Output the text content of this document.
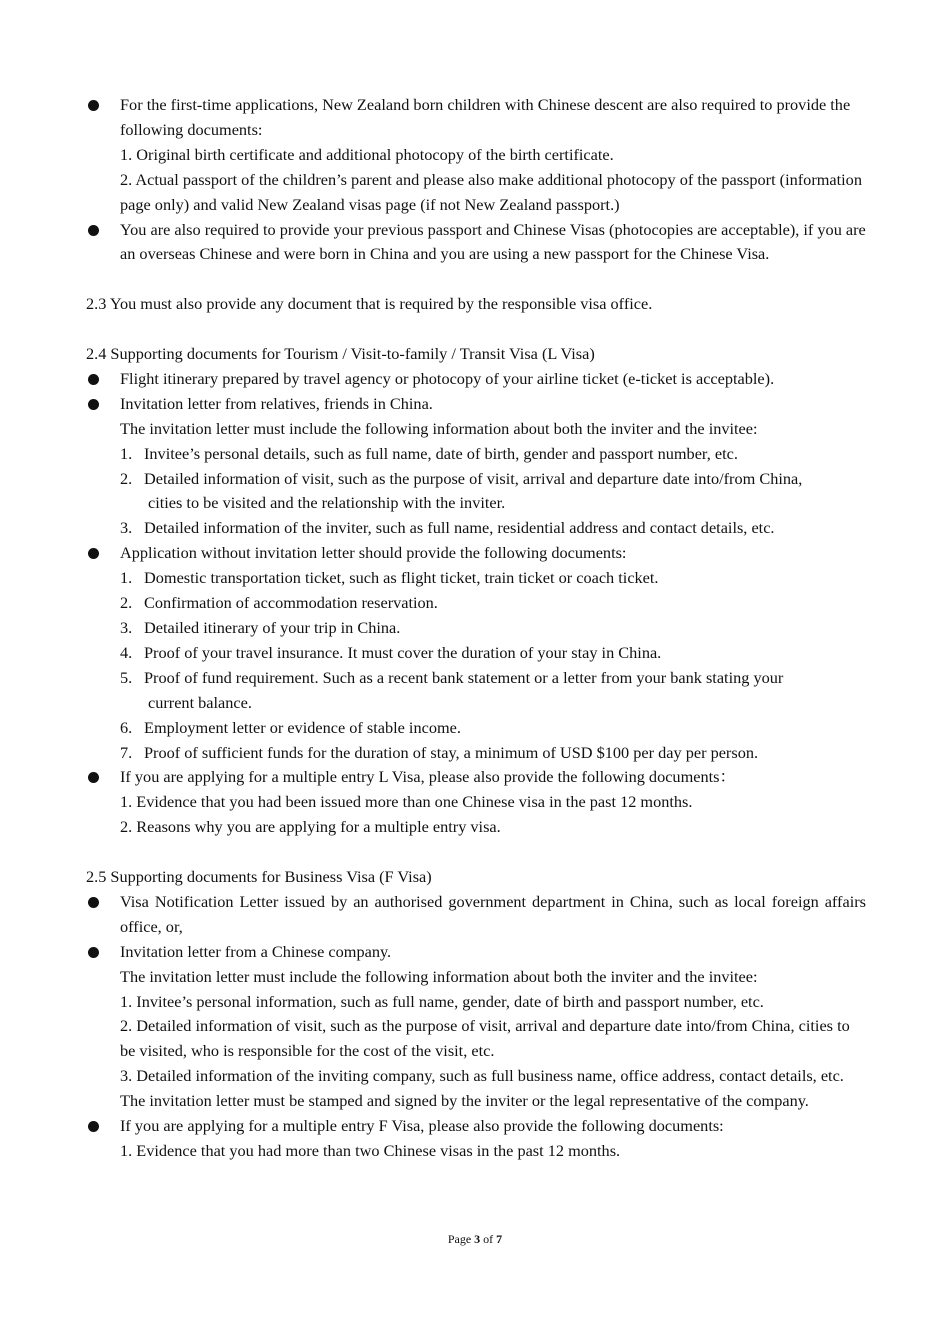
For the first-time applications, New Zealand born children with Chinese descent are also required to provide the following documents:
1. Original birth certificate and additional photocopy of the birth certificate.
2. Actual passport of the children’s parent and please also make additional photocopy of the passport (information page only) and valid New Zealand visas page (if not New Zealand passport.)
You are also required to provide your previous passport and Chinese Visas (photocopies are acceptable), if you are an overseas Chinese and were born in China and you are using a new passport for the Chinese Visa.
2.3 You must also provide any document that is required by the responsible visa office.
2.4 Supporting documents for Tourism / Visit-to-family / Transit Visa (L Visa)
Flight itinerary prepared by travel agency or photocopy of your airline ticket (e-ticket is acceptable).
Invitation letter from relatives, friends in China.
The invitation letter must include the following information about both the inviter and the invitee:
1. Invitee’s personal details, such as full name, date of birth, gender and passport number, etc.
2. Detailed information of visit, such as the purpose of visit, arrival and departure date into/from China,
cities to be visited and the relationship with the inviter.
3. Detailed information of the inviter, such as full name, residential address and contact details, etc.
Application without invitation letter should provide the following documents:
1. Domestic transportation ticket, such as flight ticket, train ticket or coach ticket.
2. Confirmation of accommodation reservation.
3. Detailed itinerary of your trip in China.
4. Proof of your travel insurance. It must cover the duration of your stay in China.
5. Proof of fund requirement. Such as a recent bank statement or a letter from your bank stating your
current balance.
6. Employment letter or evidence of stable income.
7. Proof of sufficient funds for the duration of stay, a minimum of USD $100 per day per person.
If you are applying for a multiple entry L Visa, please also provide the following documents：
1. Evidence that you had been issued more than one Chinese visa in the past 12 months.
2. Reasons why you are applying for a multiple entry visa.
2.5 Supporting documents for Business Visa (F Visa)
Visa Notification Letter issued by an authorised government department in China, such as local foreign affairs office, or,
Invitation letter from a Chinese company.
The invitation letter must include the following information about both the inviter and the invitee:
1. Invitee’s personal information, such as full name, gender, date of birth and passport number, etc.
2. Detailed information of visit, such as the purpose of visit, arrival and departure date into/from China, cities to be visited, who is responsible for the cost of the visit, etc.
3. Detailed information of the inviting company, such as full business name, office address, contact details, etc. The invitation letter must be stamped and signed by the inviter or the legal representative of the company.
If you are applying for a multiple entry F Visa, please also provide the following documents:
1. Evidence that you had more than two Chinese visas in the past 12 months.
Page 3 of 7
